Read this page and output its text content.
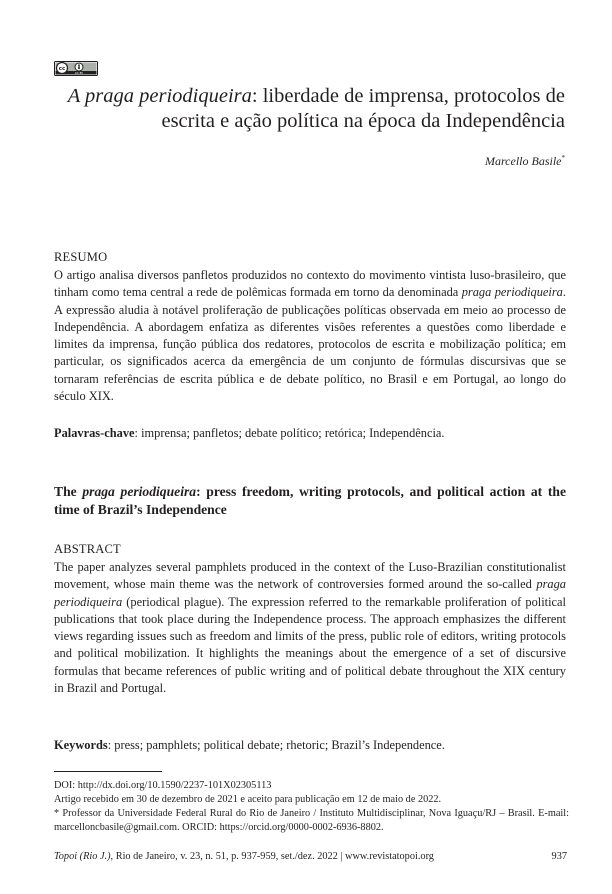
cc
CC BY
A praga periodiqueira: liberdade de imprensa, protocolos de
escrita e ação política na época da Independência
Marcello Basile*
RESUMO
O artigo analisa diversos panfletos produzidos no contexto do movimento vintista luso-brasileiro, que tinham como tema central a rede de polêmicas formada em torno da denominada praga periodiqueira. A expressão aludia à notável proliferação de publicações políticas observada em meio ao processo de Independência. A abordagem enfatiza as diferentes visões referentes a questões como liberdade e limites da imprensa, função pública dos redatores, protocolos de escrita e mobilização política; em particular, os significados acerca da emergência de um conjunto de fórmulas discursivas que se tornaram referências de escrita pública e de debate político, no Brasil e em Portugal, ao longo do século XIX.
Palavras-chave: imprensa; panfletos; debate político; retórica; Independência.
The praga periodiqueira: press freedom, writing protocols, and political action at the time of Brazil’s Independence
ABSTRACT
The paper analyzes several pamphlets produced in the context of the Luso-Brazilian constitutionalist movement, whose main theme was the network of controversies formed around the so-called praga periodiqueira (periodical plague). The expression referred to the remarkable proliferation of political publications that took place during the Independence process. The approach emphasizes the different views regarding issues such as freedom and limits of the press, public role of editors, writing protocols and political mobilization. It highlights the meanings about the emergence of a set of discursive formulas that became references of public writing and of political debate throughout the XIX century in Brazil and Portugal.
Keywords: press; pamphlets; political debate; rhetoric; Brazil’s Independence.
DOI: http://dx.doi.org/10.1590/2237-101X02305113
Artigo recebido em 30 de dezembro de 2021 e aceito para publicação em 12 de maio de 2022.
* Professor da Universidade Federal Rural do Rio de Janeiro / Instituto Multidisciplinar, Nova Iguaçu/RJ – Brasil. E-mail: marcelloncbasile@gmail.com. ORCID: https://orcid.org/0000-0002-6936-8802.
Topoi (Rio J.), Rio de Janeiro, v. 23, n. 51, p. 937-959, set./dez. 2022 | www.revistatopoi.org	937
